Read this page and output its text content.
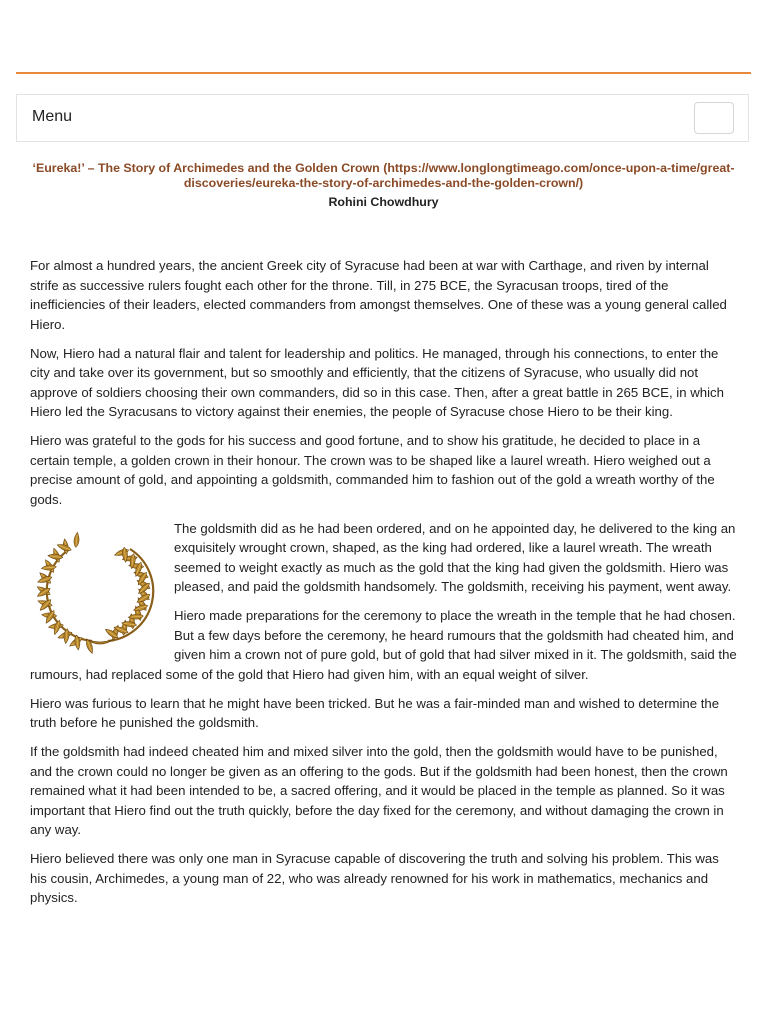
Menu
‘Eureka!’ – The Story of Archimedes and the Golden Crown (https://www.longlongtimeago.com/once-upon-a-time/great-discoveries/eureka-the-story-of-archimedes-and-the-golden-crown/)
Rohini Chowdhury

For almost a hundred years, the ancient Greek city of Syracuse had been at war with Carthage, and riven by internal strife as successive rulers fought each other for the throne. Till, in 275 BCE, the Syracusan troops, tired of the inefficiencies of their leaders, elected commanders from amongst themselves. One of these was a young general called Hiero.

Now, Hiero had a natural flair and talent for leadership and politics. He managed, through his connections, to enter the city and take over its government, but so smoothly and efficiently, that the citizens of Syracuse, who usually did not approve of soldiers choosing their own commanders, did so in this case. Then, after a great battle in 265 BCE, in which Hiero led the Syracusans to victory against their enemies, the people of Syracuse chose Hiero to be their king.

Hiero was grateful to the gods for his success and good fortune, and to show his gratitude, he decided to place in a certain temple, a golden crown in their honour. The crown was to be shaped like a laurel wreath. Hiero weighed out a precise amount of gold, and appointing a goldsmith, commanded him to fashion out of the gold a wreath worthy of the gods.

The goldsmith did as he had been ordered, and on he appointed day, he delivered to the king an exquisitely wrought crown, shaped, as the king had ordered, like a laurel wreath. The wreath seemed to weight exactly as much as the gold that the king had given the goldsmith. Hiero was pleased, and paid the goldsmith handsomely. The goldsmith, receiving his payment, went away.

Hiero made preparations for the ceremony to place the wreath in the temple that he had chosen. But a few days before the ceremony, he heard rumours that the goldsmith had cheated him, and given him a crown not of pure gold, but of gold that had silver mixed in it. The goldsmith, said the rumours, had replaced some of the gold that Hiero had given him, with an equal weight of silver.

Hiero was furious to learn that he might have been tricked. But he was a fair-minded man and wished to determine the truth before he punished the goldsmith.

If the goldsmith had indeed cheated him and mixed silver into the gold, then the goldsmith would have to be punished, and the crown could no longer be given as an offering to the gods. But if the goldsmith had been honest, then the crown remained what it had been intended to be, a sacred offering, and it would be placed in the temple as planned. So it was important that Hiero find out the truth quickly, before the day fixed for the ceremony, and without damaging the crown in any way.

Hiero believed there was only one man in Syracuse capable of discovering the truth and solving his problem. This was his cousin, Archimedes, a young man of 22, who was already renowned for his work in mathematics, mechanics and physics.
